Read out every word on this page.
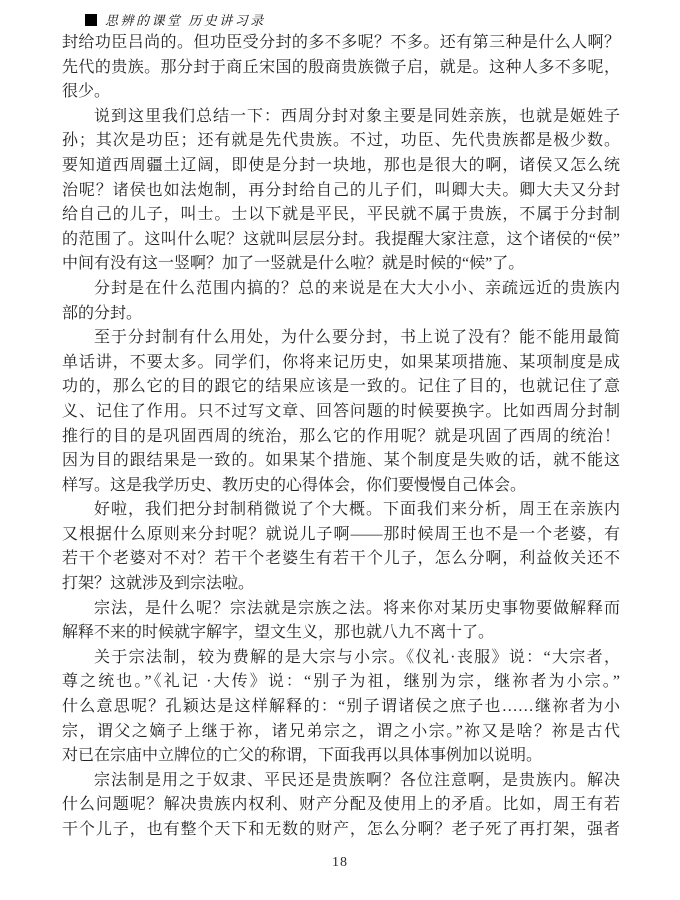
思辨的课堂 历史讲习录
封给功臣吕尚的。但功臣受分封的多不多呢？不多。还有第三种是什么人啊？
先代的贵族。那分封于商丘宋国的殷商贵族微子启，就是。这种人多不多呢，
很少。
说到这里我们总结一下：西周分封对象主要是同姓亲族，也就是姬姓子
孙；其次是功臣；还有就是先代贵族。不过，功臣、先代贵族都是极少数。
要知道西周疆土辽阔，即使是分封一块地，那也是很大的啊，诸侯又怎么统
治呢？诸侯也如法炮制，再分封给自己的儿子们，叫卿大夫。卿大夫又分封
给自己的儿子，叫士。士以下就是平民，平民就不属于贵族，不属于分封制
的范围了。这叫什么呢？这就叫层层分封。我提醒大家注意，这个诸侯的“侯”
中间有没有这一竖啊？加了一竖就是什么啦？就是时候的“候”了。
分封是在什么范围内搞的？总的来说是在大大小小、亲疏远近的贵族内
部的分封。
至于分封制有什么用处，为什么要分封，书上说了没有？能不能用最简
单话讲，不要太多。同学们，你将来记历史，如果某项措施、某项制度是成
功的，那么它的目的跟它的结果应该是一致的。记住了目的，也就记住了意
义、记住了作用。只不过写文章、回答问题的时候要换字。比如西周分封制
推行的目的是巩固西周的统治，那么它的作用呢？就是巩固了西周的统治！
因为目的跟结果是一致的。如果某个措施、某个制度是失败的话，就不能这
样写。这是我学历史、教历史的心得体会，你们要慢慢自己体会。
好啦，我们把分封制稍微说了个大概。下面我们来分析，周王在亲族内
又根据什么原则来分封呢？就说儿子啊——那时候周王也不是一个老婆，有
若干个老婆对不对？若干个老婆生有若干个儿子，怎么分啊，利益攸关还不
打架？这就涉及到宗法啦。
宗法，是什么呢？宗法就是宗族之法。将来你对某历史事物要做解释而
解释不来的时候就字解字，望文生义，那也就八九不离十了。
关于宗法制，较为费解的是大宗与小宗。《仪礼·丧服》说：“大宗者，
尊之统也。”《礼记 ·大传》说：“别子为祖，继别为宗，继祢者为小宗。”
什么意思呢？孔颖达是这样解释的：“别子谓诸侯之庶子也……继祢者为小
宗，谓父之嫡子上继于祢，诸兄弟宗之，谓之小宗。”祢又是啥？祢是古代
对已在宗庙中立牌位的亡父的称谓，下面我再以具体事例加以说明。
宗法制是用之于奴隶、平民还是贵族啊？各位注意啊，是贵族内。解决
什么问题呢？解决贵族内权利、财产分配及使用上的矛盾。比如，周王有若
干个儿子，也有整个天下和无数的财产，怎么分啊？老子死了再打架，强者
18
